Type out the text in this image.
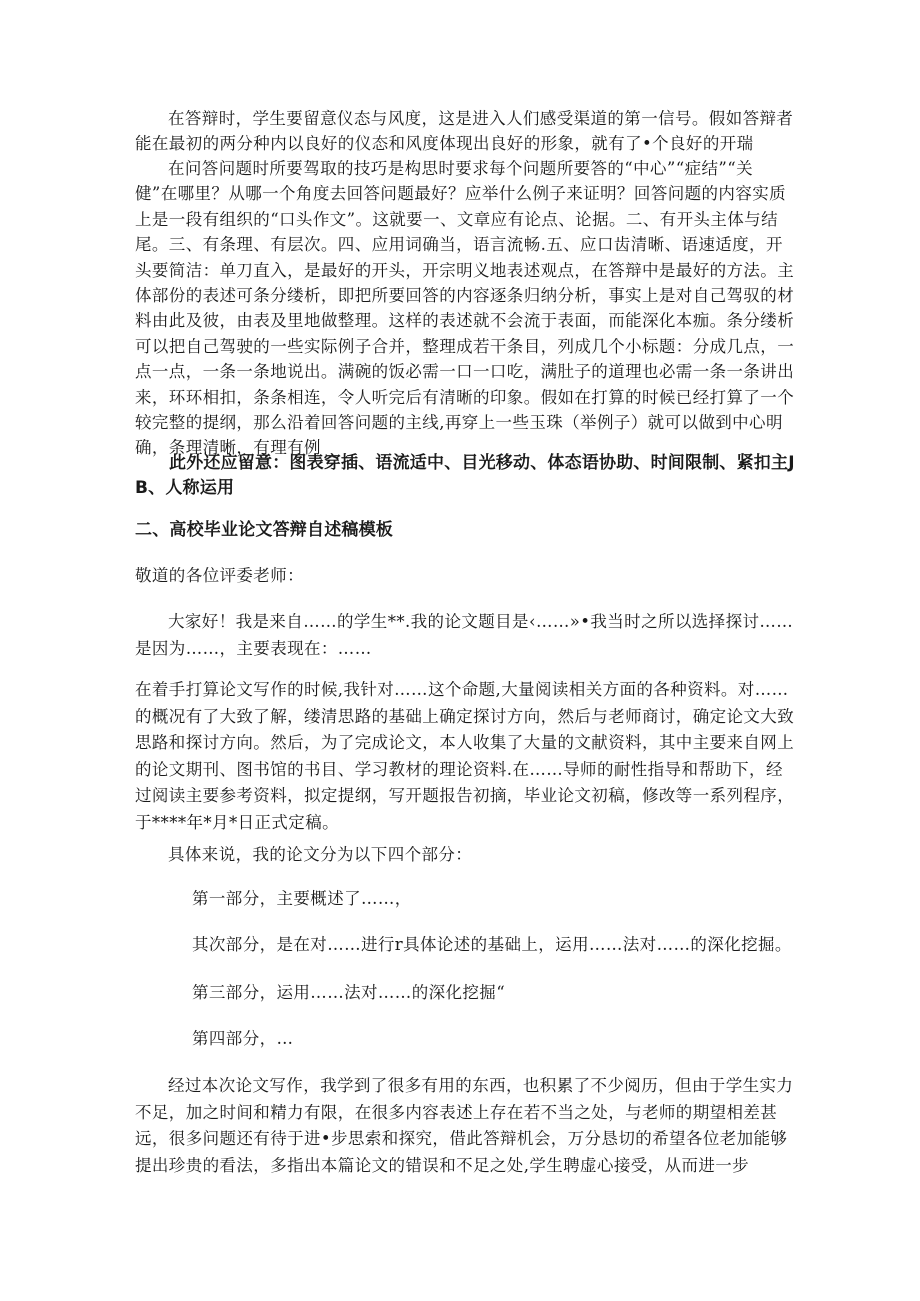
在答辩时，学生要留意仪态与风度，这是进入人们感受渠道的第一信号。假如答辩者能在最初的两分种内以良好的仪态和风度体现出良好的形象，就有了•个良好的开瑞

在问答问题时所要驾取的技巧是构思时要求每个问题所要答的“中心”“症结”“关健”在哪里？从哪一个角度去回答问题最好？应举什么例子来证明？回答问题的内容实质上是一段有组织的“口头作文”。这就要一、文章应有论点、论据。二、有开头主体与结尾。三、有条理、有层次。四、应用词确当，语言流畅.五、应口齿清晰、语速适度，开头要简洁：单刀直入，是最好的开头，开宗明义地表述观点，在答辩中是最好的方法。主体部份的表述可条分缕析，即把所要回答的内容逐条归纳分析，事实上是对自己驾驭的材料由此及彼，由表及里地做整理。这样的表述就不会流于表面，而能深化本痂。条分缕析可以把自己驾驶的一些实际例子合并，整理成若干条目，列成几个小标题：分成几点，一点一点，一条一条地说出。满碗的饭必需一口一口吃，满肚子的道理也必需一条一条讲出来，环环相扣，条条相连，令人听完后有清晰的印象。假如在打算的时候已经打算了一个较完整的提纲，那么沿着回答问题的主线,再穿上一些玉珠（举例子）就可以做到中心明确，条理清晰，有理有例

此外还应留意：图表穿插、语流适中、目光移动、体态语协助、时间限制、紧扣主JB、人称运用

二、高校毕业论文答辩自述稿模板

敬道的各位评委老师：

大家好！我是来自……的学生**.我的论文题目是‹……»•我当时之所以选择探讨……是因为……，主要表现在：……

在着手打算论文写作的时候,我针对……这个命题,大量阅读相关方面的各种资料。对……的概况有了大致了解，缕清思路的基础上确定探讨方向，然后与老师商讨，确定论文大致思路和探讨方向。然后，为了完成论文，本人收集了大量的文献资料，其中主要来自网上的论文期刊、图书馆的书目、学习教材的理论资料.在……导师的耐性指导和帮助下，经过阅读主要参考资料，拟定提纲，写开题报告初摘，毕业论文初稿，修改等一系列程序，于****年*月*日正式定稿。

具体来说，我的论文分为以下四个部分：

第一部分，主要概述了……，

其次部分，是在对……进行r具体论述的基础上，运用……法对……的深化挖掘。

第三部分，运用……法对……的深化挖掘“

第四部分，…

经过本次论文写作，我学到了很多有用的东西，也积累了不少阅历，但由于学生实力不足，加之时间和精力有限，在很多内容表述上存在若不当之处，与老师的期望相差甚远，很多问题还有待于进•步思索和探究，借此答辩机会，万分恳切的希望各位老加能够提出珍贵的看法，多指出本篇论文的错误和不足之处,学生聘虚心接受，从而进一步
